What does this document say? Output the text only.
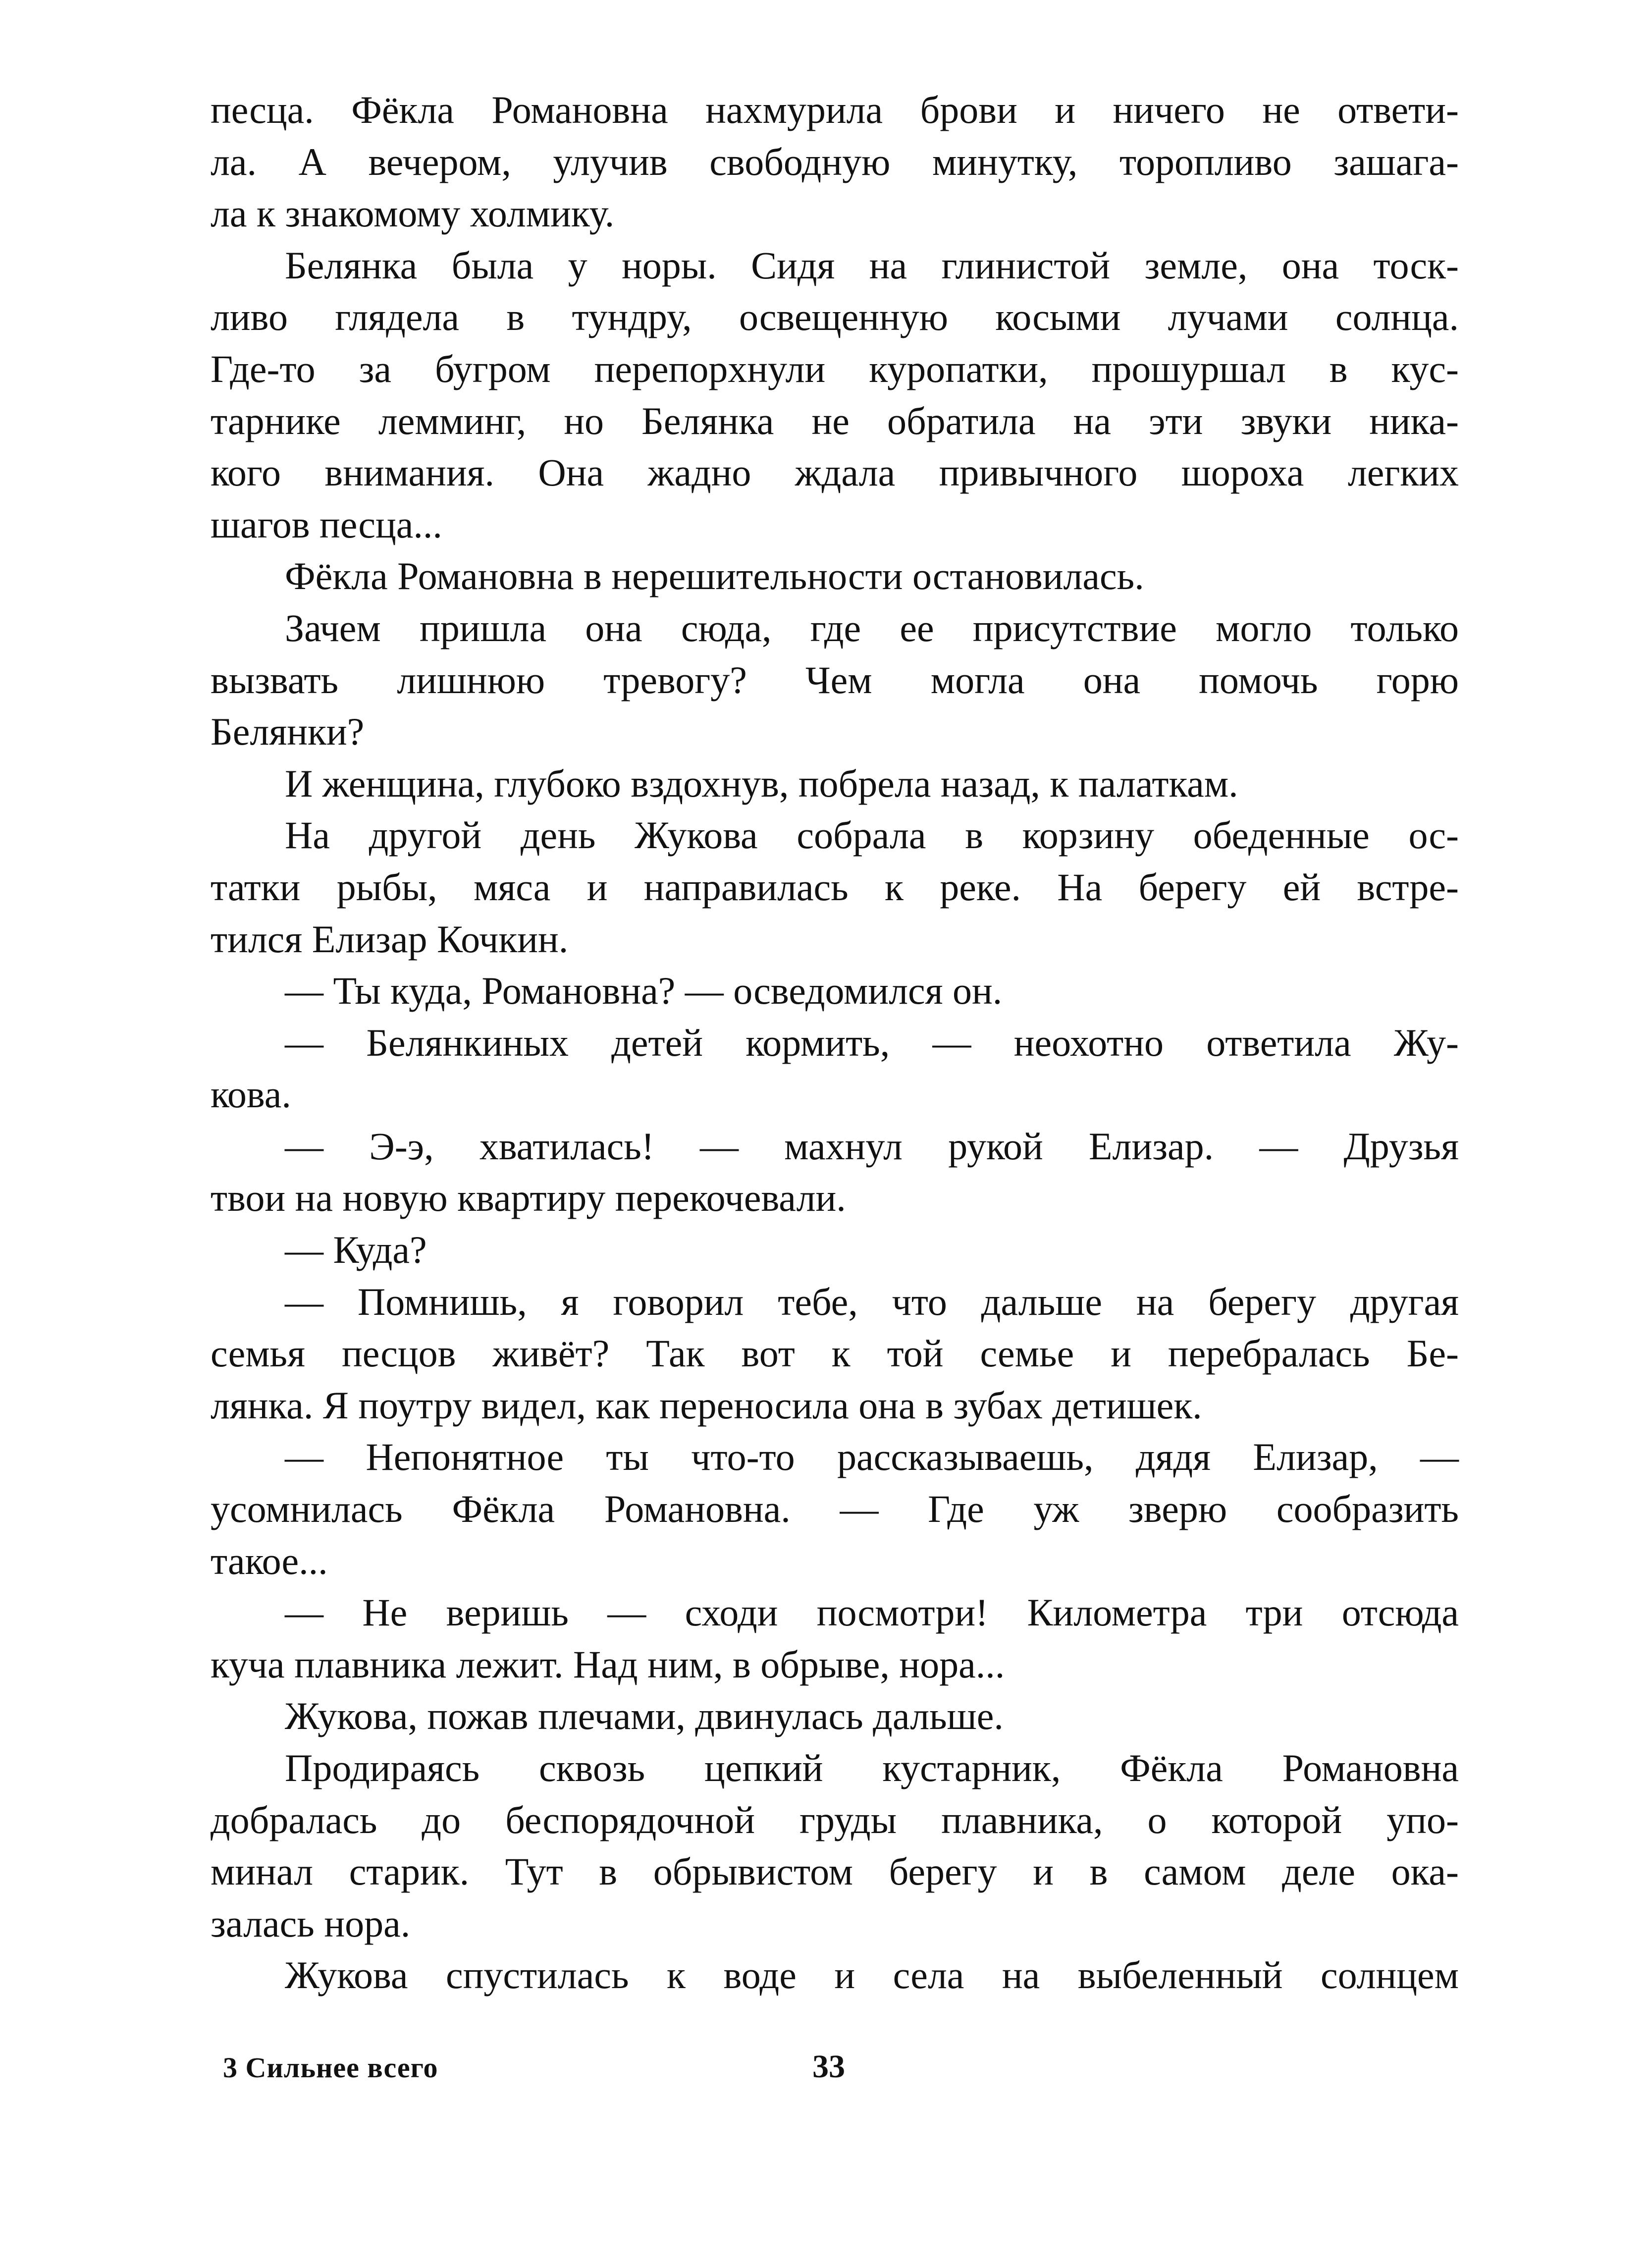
песца. Фёкла Романовна нахмурила брови и ничего не ответи-
ла. А вечером, улучив свободную минутку, торопливо зашага-
ла к знакомому холмику.
Белянка была у норы. Сидя на глинистой земле, она тоск-
ливо глядела в тундру, освещенную косыми лучами солнца.
Где-то за бугром перепорхнули куропатки, прошуршал в кус-
тарнике лемминг, но Белянка не обратила на эти звуки ника-
кого внимания. Она жадно ждала привычного шороха легких
шагов песца...
Фёкла Романовна в нерешительности остановилась.
Зачем пришла она сюда, где ее присутствие могло только
вызвать лишнюю тревогу? Чем могла она помочь горю
Белянки?
И женщина, глубоко вздохнув, побрела назад, к палаткам.
На другой день Жукова собрала в корзину обеденные ос-
татки рыбы, мяса и направилась к реке. На берегу ей встре-
тился Елизар Кочкин.
— Ты куда, Романовна? — осведомился он.
— Белянкиных детей кормить, — неохотно ответила Жу-
кова.
— Э-э, хватилась! — махнул рукой Елизар. — Друзья
твои на новую квартиру перекочевали.
— Куда?
— Помнишь, я говорил тебе, что дальше на берегу другая
семья песцов живёт? Так вот к той семье и перебралась Бе-
лянка. Я поутру видел, как переносила она в зубах детишек.
— Непонятное ты что-то рассказываешь, дядя Елизар, —
усомнилась Фёкла Романовна. — Где уж зверю сообразить
такое...
— Не веришь — сходи посмотри! Километра три отсюда
куча плавника лежит. Над ним, в обрыве, нора...
Жукова, пожав плечами, двинулась дальше.
Продираясь сквозь цепкий кустарник, Фёкла Романовна
добралась до беспорядочной груды плавника, о которой упо-
минал старик. Тут в обрывистом берегу и в самом деле ока-
залась нора.
Жукова спустилась к воде и села на выбеленный солнцем
3 Сильнее всего	33
